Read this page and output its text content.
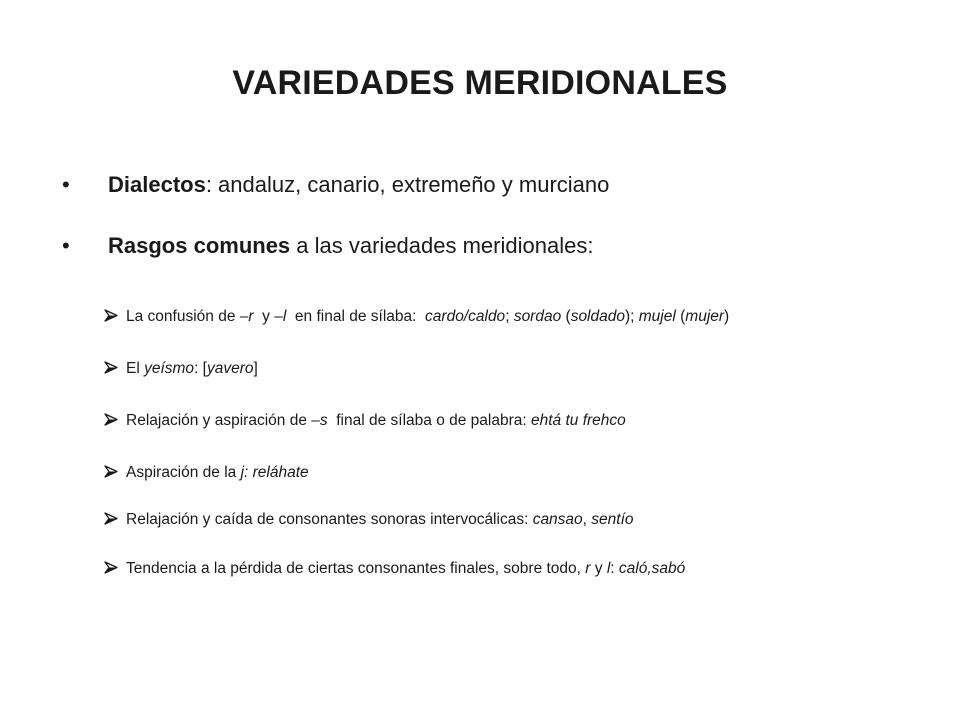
VARIEDADES MERIDIONALES
•	Dialectos: andaluz, canario, extremeño y murciano
•	Rasgos comunes a las variedades meridionales:
La confusión de –r  y –l  en final de sílaba:  cardo/caldo; sordao (soldado); mujel (mujer)
El yeísmo: [yavero]
Relajación y aspiración de –s  final de sílaba o de palabra: ehtá tu frehco
Aspiración de la j: reláhate
Relajación y caída de consonantes sonoras intervocálicas: cansao, sentío
Tendencia a la pérdida de ciertas consonantes finales, sobre todo, r y l: caló,sabó
